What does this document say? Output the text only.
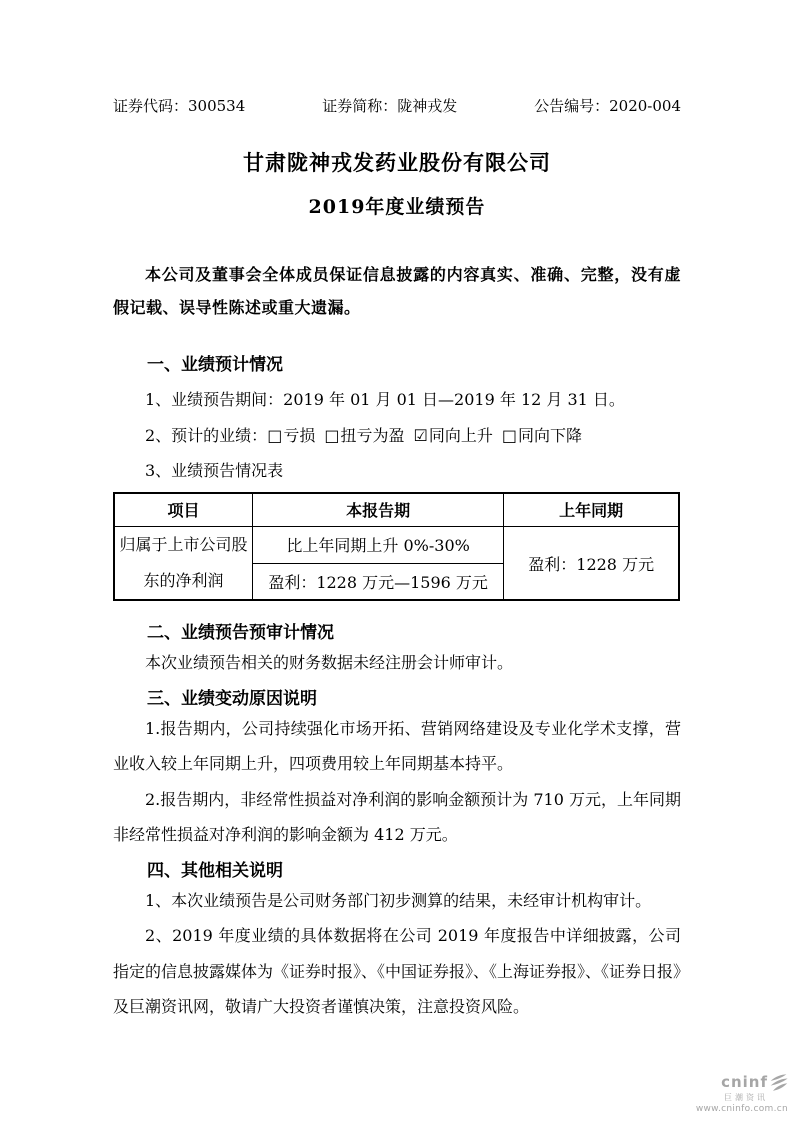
证券代码：300534	证券简称：陇神戎发	公告编号：2020-004
甘肃陇神戎发药业股份有限公司
2019年度业绩预告

本公司及董事会全体成员保证信息披露的内容真实、准确、完整，没有虚假记载、误导性陈述或重大遗漏。

一、业绩预计情况

1、业绩预告期间：2019 年 01 月 01 日—2019 年 12 月 31 日。

2、预计的业绩：□亏损 □扭亏为盈 ☑同向上升 □同向下降

3、业绩预告情况表

项目	本报告期	上年同期
归属于上市公司股东的净利润	比上年同期上升 0%-30%	盈利：1228 万元
	盈利：1228 万元—1596 万元	
二、业绩预告预审计情况

本次业绩预告相关的财务数据未经注册会计师审计。

三、业绩变动原因说明

1.报告期内，公司持续强化市场开拓、营销网络建设及专业化学术支撑，营业收入较上年同期上升，四项费用较上年同期基本持平。

2.报告期内，非经常性损益对净利润的影响金额预计为 710 万元，上年同期非经常性损益对净利润的影响金额为 412 万元。

四、其他相关说明

1、本次业绩预告是公司财务部门初步测算的结果，未经审计机构审计。

2、2019 年度业绩的具体数据将在公司 2019 年度报告中详细披露，公司指定的信息披露媒体为《证券时报》、《中国证券报》、《上海证券报》、《证券日报》及巨潮资讯网，敬请广大投资者谨慎决策，注意投资风险。

cninf
巨潮资讯
www.cninfo.com.cn
